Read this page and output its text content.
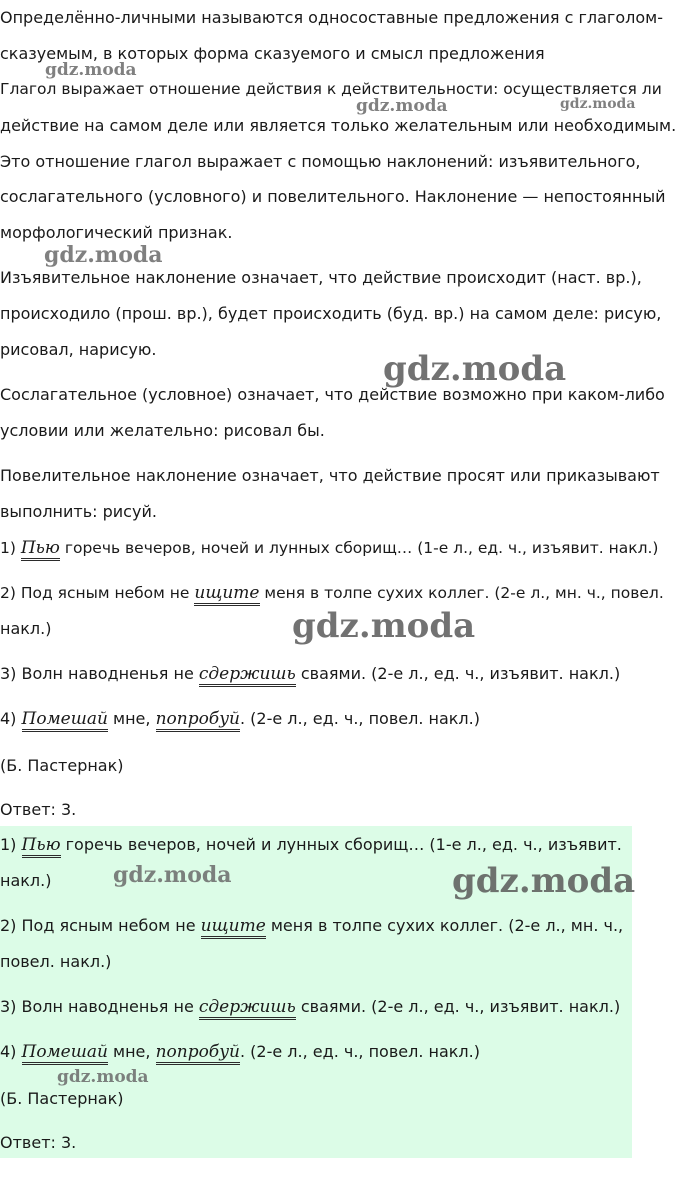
Определённо-личными называются односоставные предложения с глаголом-
сказуемым, в которых форма сказуемого и смысл предложения
Глагол выражает отношение действия к действительности: осуществляется ли
действие на самом деле или является только желательным или необходимым.
Это отношение глагол выражает с помощью наклонений: изъявительного,
сослагательного (условного) и повелительного. Наклонение — непостоянный
морфологический признак.
Изъявительное наклонение означает, что действие происходит (наст. вр.),
происходило (прош. вр.), будет происходить (буд. вр.) на самом деле: рисую,
рисовал, нарисую.
Сослагательное (условное) означает, что действие возможно при каком-либо
условии или желательно: рисовал бы.
Повелительное наклонение означает, что действие просят или приказывают
выполнить: рисуй.
1) Пью горечь вечеров, ночей и лунных сборищ… (1-е л., ед. ч., изъявит. накл.)
2) Под ясным небом не ищите меня в толпе сухих коллег. (2-е л., мн. ч., повел.
накл.)
3) Волн наводненья не сдержишь сваями. (2-е л., ед. ч., изъявит. накл.)
4) Помешай мне, попробуй. (2-е л., ед. ч., повел. накл.)
(Б. Пастернак)
Ответ: 3.
1) Пью горечь вечеров, ночей и лунных сборищ… (1-е л., ед. ч., изъявит.
накл.)
2) Под ясным небом не ищите меня в толпе сухих коллег. (2-е л., мн. ч.,
повел. накл.)
3) Волн наводненья не сдержишь сваями. (2-е л., ед. ч., изъявит. накл.)
4) Помешай мне, попробуй. (2-е л., ед. ч., повел. накл.)
(Б. Пастернак)
Ответ: 3.
gdz.moda
gdz.moda	gdz.moda
gdz.moda
gdz.moda
gdz.moda
gdz.moda	gdz.moda
gdz.moda
